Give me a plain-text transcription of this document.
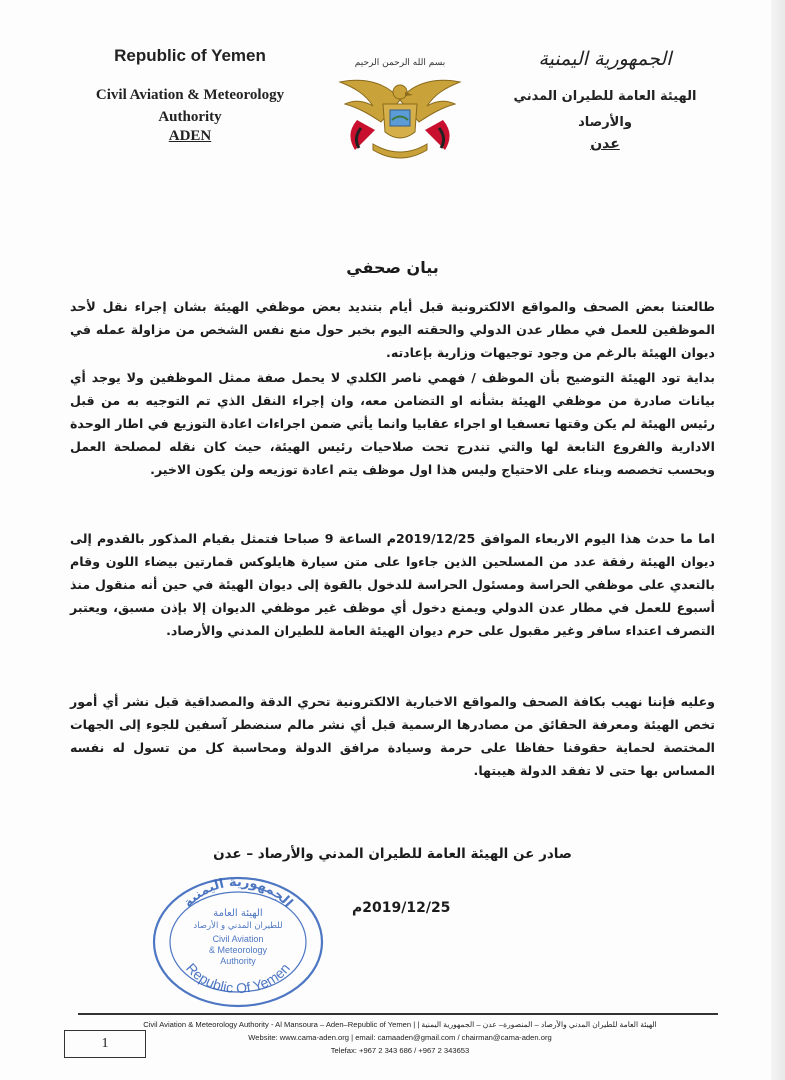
Republic of Yemen
Civil Aviation & Meteorology
Authority
ADEN
بسم الله الرحمن الرحيم	الجمهورية اليمنية
الهيئة العامة للطيران المدني
والأرصاد
عدن
بيان صحفي

طالعتنا بعض الصحف والمواقع الالكترونية قبل أيام بتنديد بعض موظفي الهيئة بشان إجراء نقل لأحد الموظفين للعمل في مطار عدن الدولي والحقته اليوم بخبر حول منع نفس الشخص من مزاولة عمله في ديوان الهيئة بالرغم من وجود توجيهات وزارية بإعادته.

بداية تود الهيئة التوضيح بأن الموظف / فهمي ناصر الكلدي لا يحمل صفة ممثل الموظفين ولا يوجد أي بيانات صادرة من موظفي الهيئة بشأنه او التضامن معه، وان إجراء النقل الذي تم التوجيه به من قبل رئيس الهيئة لم يكن وقتها تعسفيا او اجراء عقابيا وانما يأتي ضمن اجراءات اعادة التوزيع في اطار الوحدة الادارية والفروع التابعة لها والتي تندرج تحت صلاحيات رئيس الهيئة، حيث كان نقله لمصلحة العمل وبحسب تخصصه وبناء على الاحتياج وليس هذا اول موظف يتم اعادة توزيعه ولن يكون الاخير.

اما ما حدث هذا اليوم الاربعاء الموافق 2019/12/25م الساعة 9 صباحا فتمثل بقيام المذكور بالقدوم إلى ديوان الهيئة رفقة عدد من المسلحين الذين جاءوا على متن سيارة هايلوكس قمارتين بيضاء اللون وقام بالتعدي على موظفي الحراسة ومسئول الحراسة للدخول بالقوة إلى ديوان الهيئة في حين أنه منقول منذ أسبوع للعمل في مطار عدن الدولي ويمنع دخول أي موظف غير موظفي الديوان إلا بإذن مسبق، ويعتبر التصرف اعتداء سافر وغير مقبول على حرم ديوان الهيئة العامة للطيران المدني والأرصاد.

وعليه فإننا نهيب بكافة الصحف والمواقع الاخبارية الالكترونية تحري الدقة والمصداقية قبل نشر أي أمور تخص الهيئة ومعرفة الحقائق من مصادرها الرسمية قبل أي نشر مالم سنضطر آسفين للجوء إلى الجهات المختصة لحماية حقوقنا حفاظا على حرمة وسيادة مرافق الدولة ومحاسبة كل من تسول له نفسه المساس بها حتى لا تفقد الدولة هيبتها.

صادر عن الهيئة العامة للطيران المدني والأرصاد – عدن
2019/12/25م
الجمهورية اليمنية
الهيئة العامة
للطيران المدني و الأرصاد
Civil Aviation
& Meteorology
Authority
Republic Of Yemen
Civil Aviation & Meteorology Authority - Al Mansoura – Aden–Republic of Yemen | الهيئة العامة للطيران المدني والأرصاد – المنصورة– عدن – الجمهورية اليمنية |
Website: www.cama-aden.org | email: camaaden@gmail.com / chairman@cama-aden.org
Telefax: +967 2 343 686 / +967 2 343653
1
